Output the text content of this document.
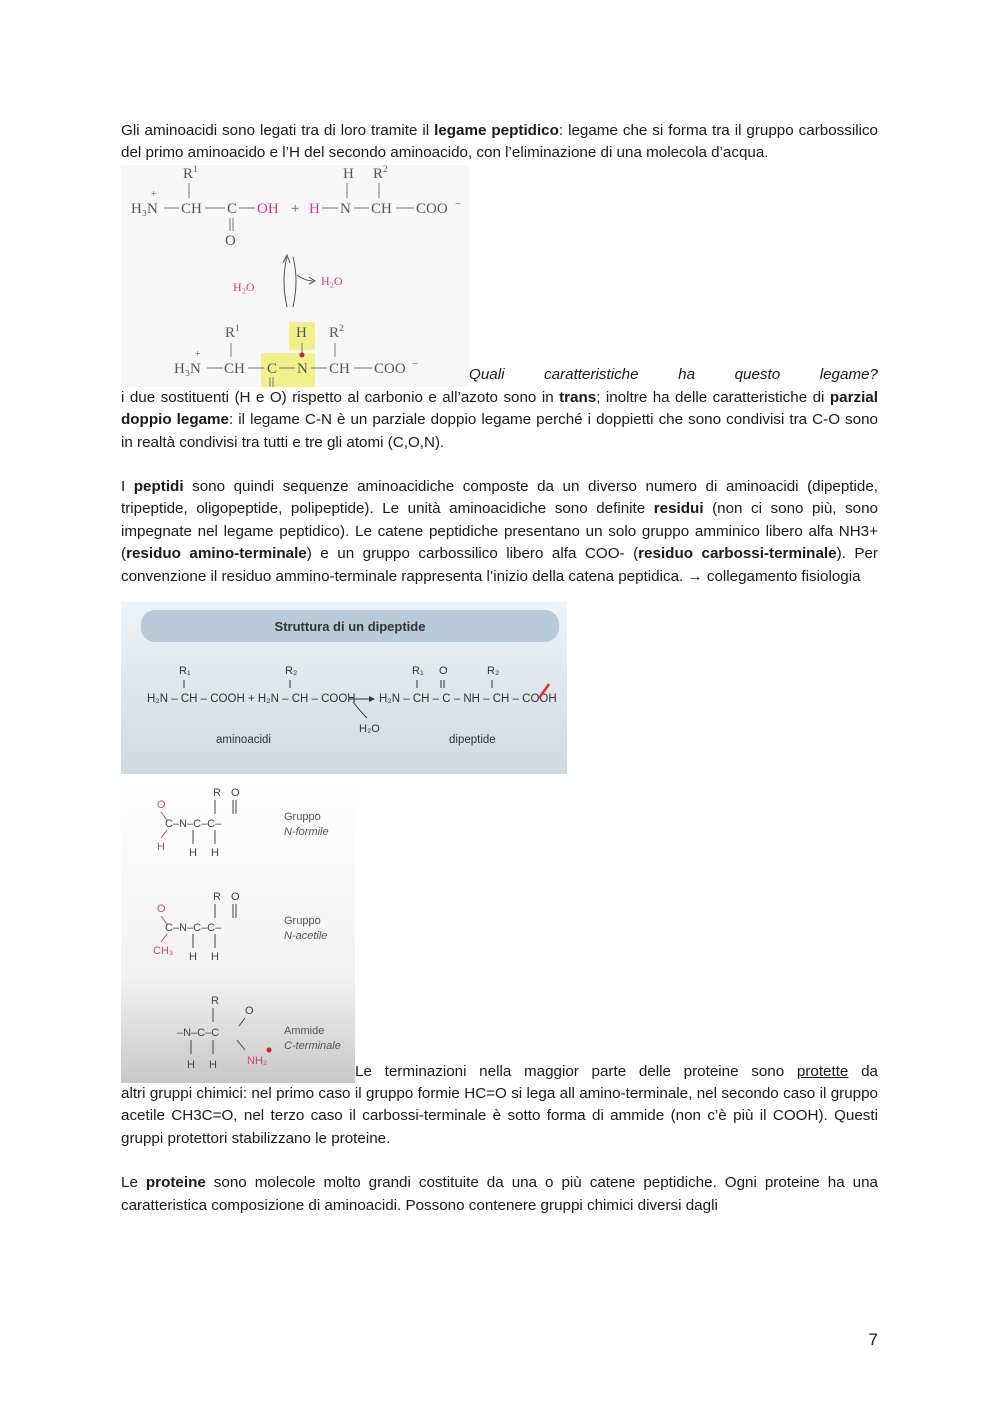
Gli aminoacidi sono legati tra di loro tramite il legame peptidico: legame che si forma tra il gruppo carbossilico del primo aminoacido e l’H del secondo aminoacido, con l’eliminazione di una molecola d’acqua.

$R^1$	H $R^2$
+
H₃N CH C OH + H N CH COO −
O
H₂O	H₂O
$R^1$	H $R^2$
+
H₃N CH C N CH COO −
Quali caratteristiche ha questo legame?

i due sostituenti (H e O) rispetto al carbonio e all’azoto sono in trans; inoltre ha delle caratteristiche di parzial doppio legame: il legame C-N è un parziale doppio legame perché i doppietti che sono condivisi tra C-O sono in realtà condivisi tra tutti e tre gli atomi (C,O,N).

I peptidi sono quindi sequenze aminoacidiche composte da un diverso numero di aminoacidi (dipeptide, tripeptide, oligopeptide, polipeptide). Le unità aminoacidiche sono definite residui (non ci sono più, sono impegnate nel legame peptidico). Le catene peptidiche presentano un solo gruppo amminico libero alfa NH3+ (residuo amino-terminale) e un gruppo carbossilico libero alfa COO- (residuo carbossi-terminale). Per convenzione il residuo ammino-terminale rappresenta l’inizio della catena peptidica. → collegamento fisiologia

Struttura di un dipeptide
R₁	R₂	R₁ O	R₂
H₂N – CH – COOH + H₂N – CH – COOH H₂N – CH – C – NH – CH – COOH
H₂O
aminoacidi	dipeptide
R O
O
C–N–C–C–
H H H
Gruppo
N-formile
R O
O
C–N–C–C–
CH₃ H H
Gruppo
N-acetile
R
O
–N–C–C
NH₂
H H
Ammide
C-terminale
Le terminazioni nella maggior parte delle proteine sono protette da

altri gruppi chimici: nel primo caso il gruppo formie HC=O si lega all amino-terminale, nel secondo caso il gruppo acetile CH3C=O, nel terzo caso il carbossi-terminale è sotto forma di ammide (non c’è più il COOH). Questi gruppi protettori stabilizzano le proteine.

Le proteine sono molecole molto grandi costituite da una o più catene peptidiche. Ogni proteine ha una caratteristica composizione di aminoacidi. Possono contenere gruppi chimici diversi dagli

7
